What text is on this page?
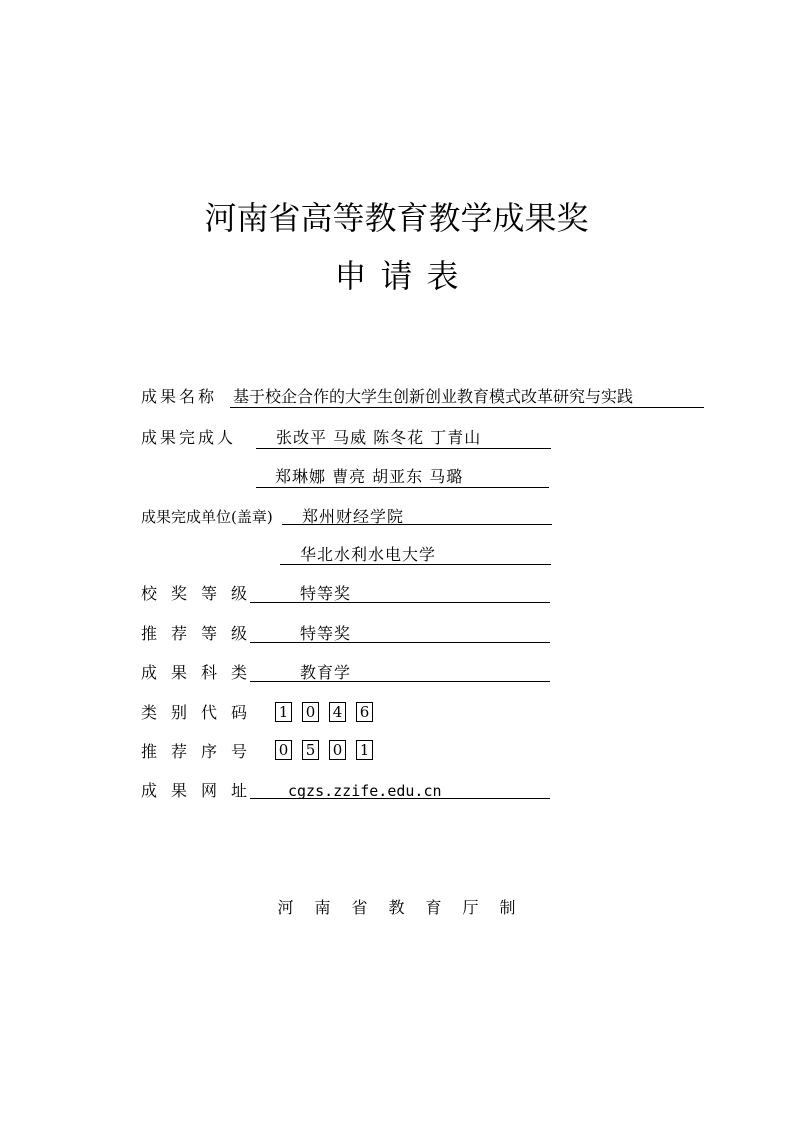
河南省高等教育教学成果奖
申请表
成果名称 基于校企合作的大学生创新创业教育模式改革研究与实践
成果完成人 张改平 马威 陈冬花 丁青山
郑琳娜 曹亮 胡亚东 马璐
成果完成单位(盖章) 郑州财经学院
华北水利水电大学
校奖等级 特等奖
推荐等级 特等奖
成果科类 教育学
类别代码 1 0 4 6
推荐序号 0 5 0 1
成果网址 cgzs.zzife.edu.cn
河南省教育厅制
